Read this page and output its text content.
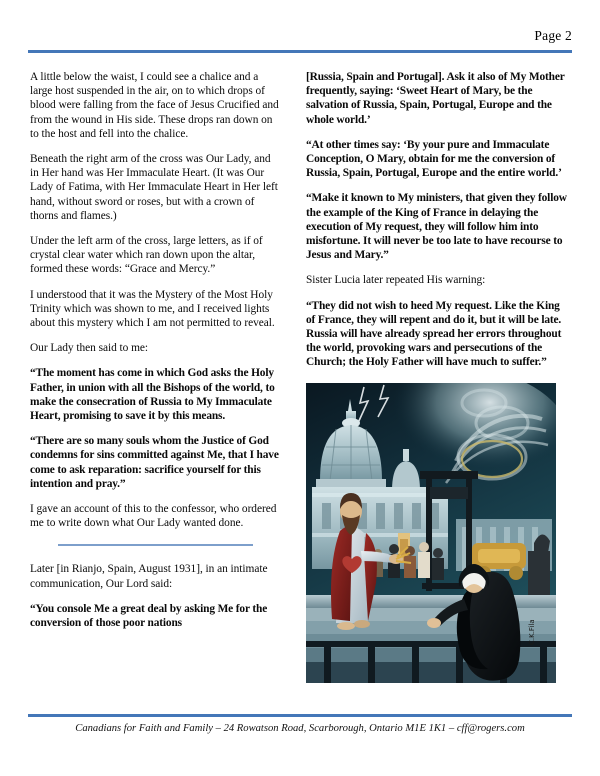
Page 2

A little below the waist, I could see a chalice and a large host suspended in the air, on to which drops of blood were falling from the face of Jesus Crucified and from the wound in His side. These drops ran down on to the host and fell into the chalice.

Beneath the right arm of the cross was Our Lady, and in Her hand was Her Immaculate Heart. (It was Our Lady of Fatima, with Her Immaculate Heart in Her left hand, without sword or roses, but with a crown of thorns and flames.)

Under the left arm of the cross, large letters, as if of crystal clear water which ran down upon the altar, formed these words: “Grace and Mercy.”

I understood that it was the Mystery of the Most Holy Trinity which was shown to me, and I received lights about this mystery which I am not permitted to reveal.

Our Lady then said to me:

“The moment has come in which God asks the Holy Father, in union with all the Bishops of the world, to make the consecration of Russia to My Immaculate Heart, promising to save it by this means.

“There are so many souls whom the Justice of God condemns for sins committed against Me, that I have come to ask reparation: sacrifice yourself for this intention and pray.”

I gave an account of this to the confessor, who ordered me to write down what Our Lady wanted done.

Later [in Rianjo, Spain, August 1931], in an intimate communication, Our Lord said:

“You console Me a great deal by asking Me for the conversion of those poor nations

[Russia, Spain and Portugal]. Ask it also of My Mother frequently, saying: ‘Sweet Heart of Mary, be the salvation of Russia, Spain, Portugal, Europe and the whole world.’

“At other times say: ‘By your pure and Immaculate Conception, O Mary, obtain for me the conversion of Russia, Spain, Portugal, Europe and the entire world.’

“Make it known to My ministers, that given they follow the example of the King of France in delaying the execution of My request, they will follow him into misfortune. It will never be too late to have recourse to Jesus and Mary.”

Sister Lucia later repeated His warning:

“They did not wish to heed My request. Like the King of France, they will repent and do it, but it will be late. Russia will have already spread her errors throughout the world, provoking wars and persecutions of the Church; the Holy Father will have much to suffer.”

C.K.Fila
Canadians for Faith and Family – 24 Rowatson Road, Scarborough, Ontario M1E 1K1 – cff@rogers.com
